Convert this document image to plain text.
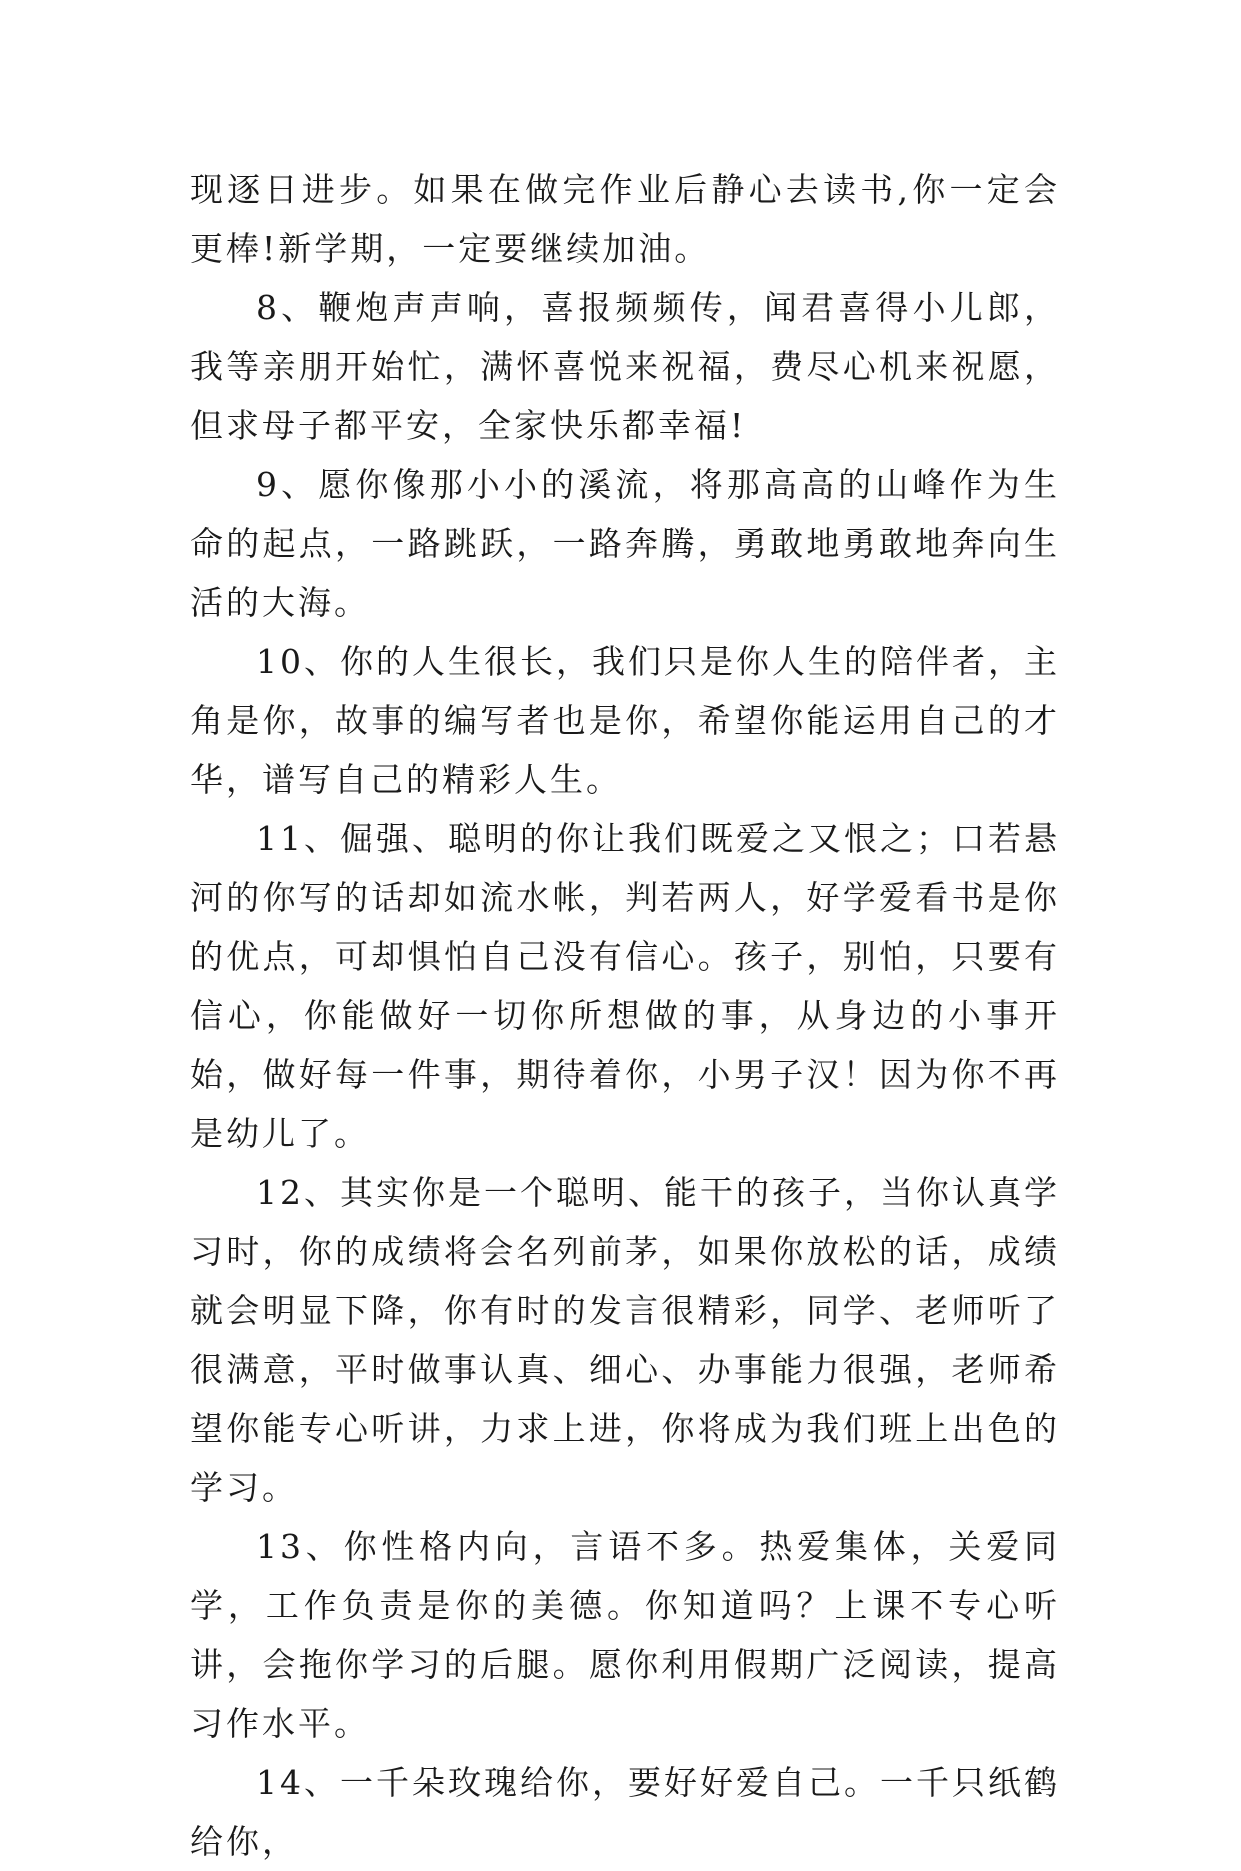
现逐日进步。如果在做完作业后静心去读书,你一定会更棒!新学期，一定要继续加油。

8、鞭炮声声响，喜报频频传，闻君喜得小儿郎，我等亲朋开始忙，满怀喜悦来祝福，费尽心机来祝愿，但求母子都平安，全家快乐都幸福!

9、愿你像那小小的溪流，将那高高的山峰作为生命的起点，一路跳跃，一路奔腾，勇敢地勇敢地奔向生活的大海。

10、你的人生很长，我们只是你人生的陪伴者，主角是你，故事的编写者也是你，希望你能运用自己的才华，谱写自己的精彩人生。

11、倔强、聪明的你让我们既爱之又恨之；口若悬河的你写的话却如流水帐，判若两人，好学爱看书是你的优点，可却惧怕自己没有信心。孩子，别怕，只要有信心，你能做好一切你所想做的事，从身边的小事开始，做好每一件事，期待着你，小男子汉！因为你不再是幼儿了。

12、其实你是一个聪明、能干的孩子，当你认真学习时，你的成绩将会名列前茅，如果你放松的话，成绩就会明显下降，你有时的发言很精彩，同学、老师听了很满意，平时做事认真、细心、办事能力很强，老师希望你能专心听讲，力求上进，你将成为我们班上出色的学习。

13、你性格内向，言语不多。热爱集体，关爱同学，工作负责是你的美德。你知道吗？上课不专心听讲，会拖你学习的后腿。愿你利用假期广泛阅读，提高习作水平。

14、一千朵玫瑰给你，要好好爱自己。一千只纸鹤给你，
